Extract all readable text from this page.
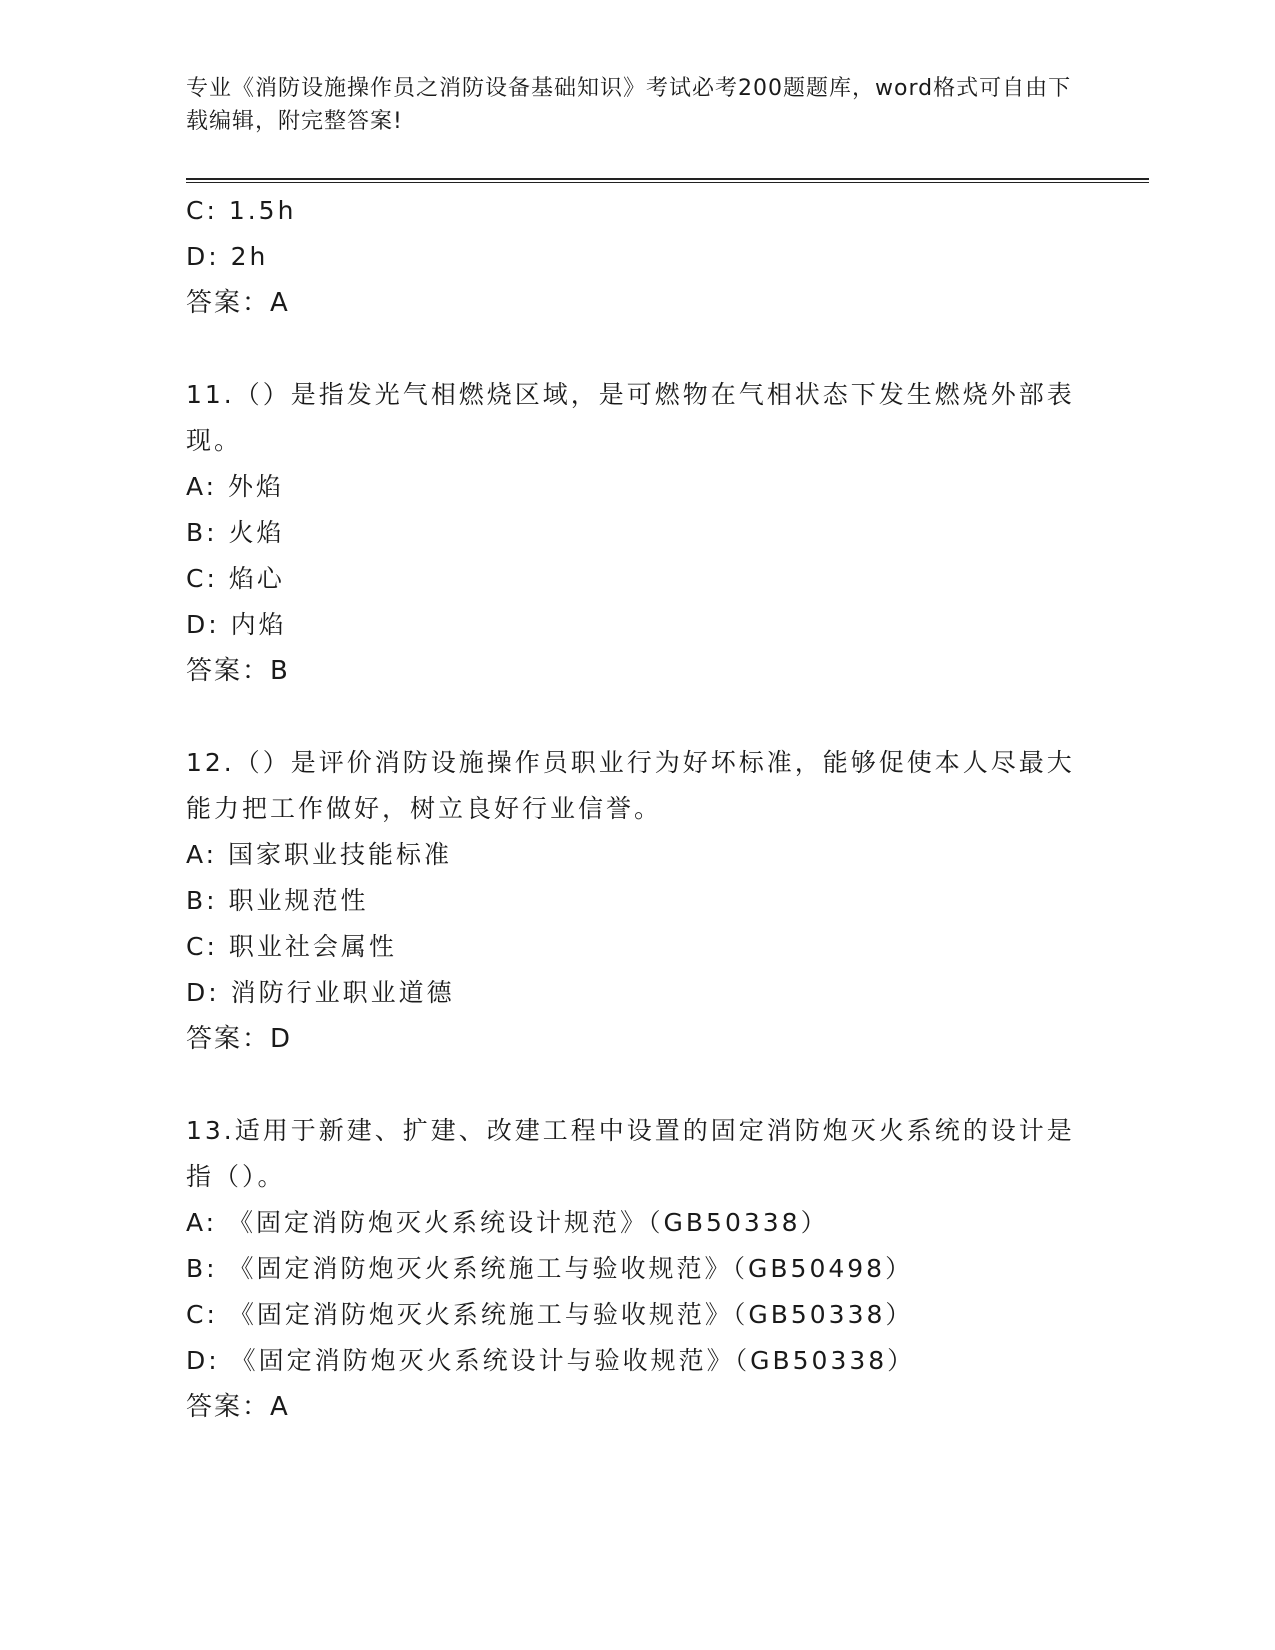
专业《消防设施操作员之消防设备基础知识》考试必考200题题库，word格式可自由下载编辑，附完整答案!
C: 1.5h
D: 2h
答案：A
11.（）是指发光气相燃烧区域，是可燃物在气相状态下发生燃烧外部表现。
A: 外焰
B: 火焰
C: 焰心
D: 内焰
答案：B
12.（）是评价消防设施操作员职业行为好坏标准，能够促使本人尽最大能力把工作做好，树立良好行业信誉。
A: 国家职业技能标准
B: 职业规范性
C: 职业社会属性
D: 消防行业职业道德
答案：D
13.适用于新建、扩建、改建工程中设置的固定消防炮灭火系统的设计是指（）。
A: 《固定消防炮灭火系统设计规范》（GB50338）
B: 《固定消防炮灭火系统施工与验收规范》（GB50498）
C: 《固定消防炮灭火系统施工与验收规范》（GB50338）
D: 《固定消防炮灭火系统设计与验收规范》（GB50338）
答案：A
